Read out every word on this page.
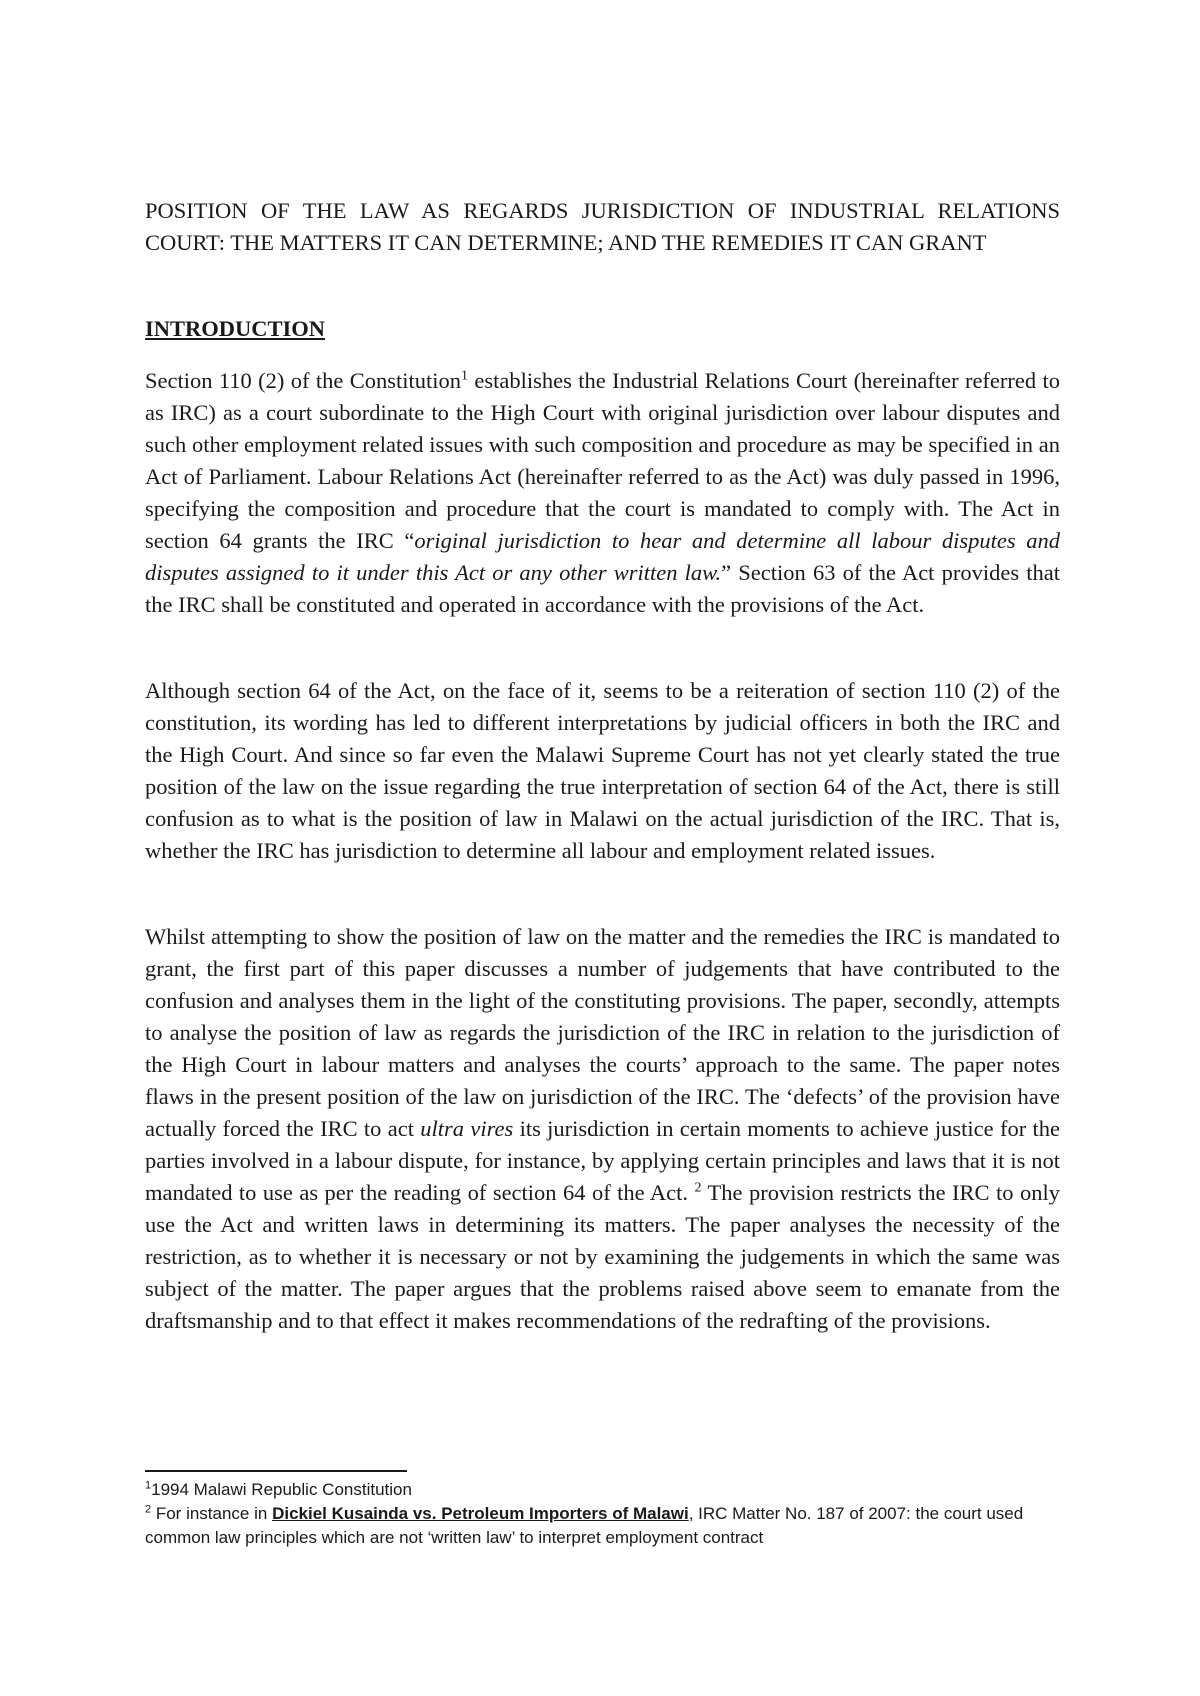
POSITION OF THE LAW AS REGARDS JURISDICTION OF INDUSTRIAL RELATIONS COURT: THE MATTERS IT CAN DETERMINE; AND THE REMEDIES IT CAN GRANT

INTRODUCTION

Section 110 (2) of the Constitution$^1$ establishes the Industrial Relations Court (hereinafter referred to as IRC) as a court subordinate to the High Court with original jurisdiction over labour disputes and such other employment related issues with such composition and procedure as may be specified in an Act of Parliament. Labour Relations Act (hereinafter referred to as the Act) was duly passed in 1996, specifying the composition and procedure that the court is mandated to comply with. The Act in section 64 grants the IRC “original jurisdiction to hear and determine all labour disputes and disputes assigned to it under this Act or any other written law.” Section 63 of the Act provides that the IRC shall be constituted and operated in accordance with the provisions of the Act.

Although section 64 of the Act, on the face of it, seems to be a reiteration of section 110 (2) of the constitution, its wording has led to different interpretations by judicial officers in both the IRC and the High Court. And since so far even the Malawi Supreme Court has not yet clearly stated the true position of the law on the issue regarding the true interpretation of section 64 of the Act, there is still confusion as to what is the position of law in Malawi on the actual jurisdiction of the IRC. That is, whether the IRC has jurisdiction to determine all labour and employment related issues.

Whilst attempting to show the position of law on the matter and the remedies the IRC is mandated to grant, the first part of this paper discusses a number of judgements that have contributed to the confusion and analyses them in the light of the constituting provisions. The paper, secondly, attempts to analyse the position of law as regards the jurisdiction of the IRC in relation to the jurisdiction of the High Court in labour matters and analyses the courts’ approach to the same. The paper notes flaws in the present position of the law on jurisdiction of the IRC. The ‘defects’ of the provision have actually forced the IRC to act ultra vires its jurisdiction in certain moments to achieve justice for the parties involved in a labour dispute, for instance, by applying certain principles and laws that it is not mandated to use as per the reading of section 64 of the Act. $^2$ The provision restricts the IRC to only use the Act and written laws in determining its matters. The paper analyses the necessity of the restriction, as to whether it is necessary or not by examining the judgements in which the same was subject of the matter. The paper argues that the problems raised above seem to emanate from the draftsmanship and to that effect it makes recommendations of the redrafting of the provisions.

$^1$1994 Malawi Republic Constitution

$^2$ For instance in Dickiel Kusainda vs. Petroleum Importers of Malawi, IRC Matter No. 187 of 2007: the court used common law principles which are not ‘written law’ to interpret employment contract
